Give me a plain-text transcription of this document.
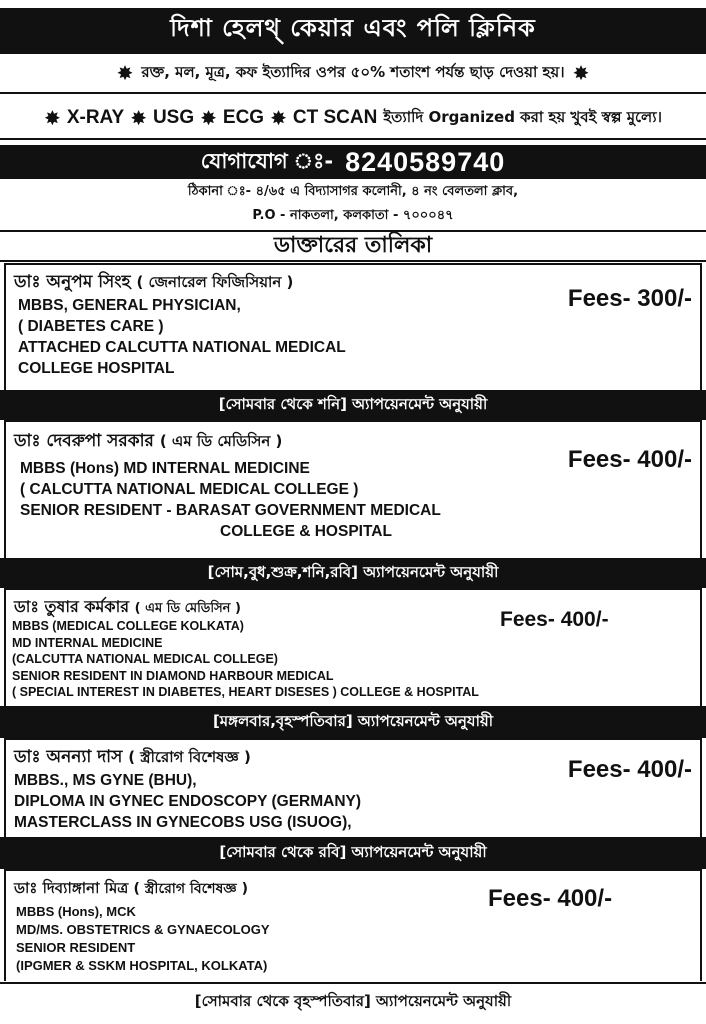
দিশা হেলথ্ কেয়ার এবং পলি ক্লিনিক
✸ রক্ত, মল, মূত্র, কফ ইত্যাদির ওপর ৫০% শতাংশ পর্যন্ত ছাড় দেওয়া হয়। ✸
✸ X-RAY ✸ USG ✸ ECG ✸ CT SCAN ইত্যাদি Organized করা হয় খুবই স্বল্প মুল্যে।
যোগাযোগ ঃ- 8240589740
ঠিকানা ঃ- ৪/৬৫ এ বিদ্যাসাগর কলোনী, ৪ নং বেলতলা ক্লাব,
P.O - নাকতলা, কলকাতা - ৭০০০৪৭
ডাক্তারের তালিকা
ডাঃ অনুপম সিংহ ( জেনারেল ফিজিসিয়ান )
MBBS, GENERAL PHYSICIAN,
( DIABETES CARE )
ATTACHED CALCUTTA NATIONAL MEDICAL
COLLEGE HOSPITAL
Fees- 300/-
[সোমবার থেকে শনি] অ্যাপয়েনমেন্ট অনুযায়ী
ডাঃ দেবরুপা সরকার ( এম ডি মেডিসিন )
MBBS (Hons) MD INTERNAL MEDICINE
( CALCUTTA NATIONAL MEDICAL COLLEGE )
SENIOR RESIDENT - BARASAT GOVERNMENT MEDICAL
COLLEGE & HOSPITAL
Fees- 400/-
[সোম,বুধ,শুক্র,শনি,রবি] অ্যাপয়েনমেন্ট অনুযায়ী
ডাঃ তুষার কর্মকার ( এম ডি মেডিসিন )
MBBS (MEDICAL COLLEGE KOLKATA)
MD INTERNAL MEDICINE
(CALCUTTA NATIONAL MEDICAL COLLEGE)
SENIOR RESIDENT IN DIAMOND HARBOUR MEDICAL
( SPECIAL INTEREST IN DIABETES, HEART DISESES ) COLLEGE & HOSPITAL
Fees- 400/-
[মঙ্গলবার,বৃহস্পতিবার] অ্যাপয়েনমেন্ট অনুযায়ী
ডাঃ অনন্যা দাস ( স্ত্রীরোগ বিশেষজ্ঞ )
MBBS., MS GYNE (BHU),
DIPLOMA IN GYNEC ENDOSCOPY (GERMANY)
MASTERCLASS IN GYNECOBS USG (ISUOG),
Fees- 400/-
[সোমবার থেকে রবি] অ্যাপয়েনমেন্ট অনুযায়ী
ডাঃ দিব্যাঙ্গানা মিত্র ( স্ত্রীরোগ বিশেষজ্ঞ )
MBBS (Hons), MCK
MD/MS. OBSTETRICS & GYNAECOLOGY
SENIOR RESIDENT
(IPGMER & SSKM HOSPITAL, KOLKATA)
Fees- 400/-
[সোমবার থেকে বৃহস্পতিবার] অ্যাপয়েনমেন্ট অনুযায়ী
